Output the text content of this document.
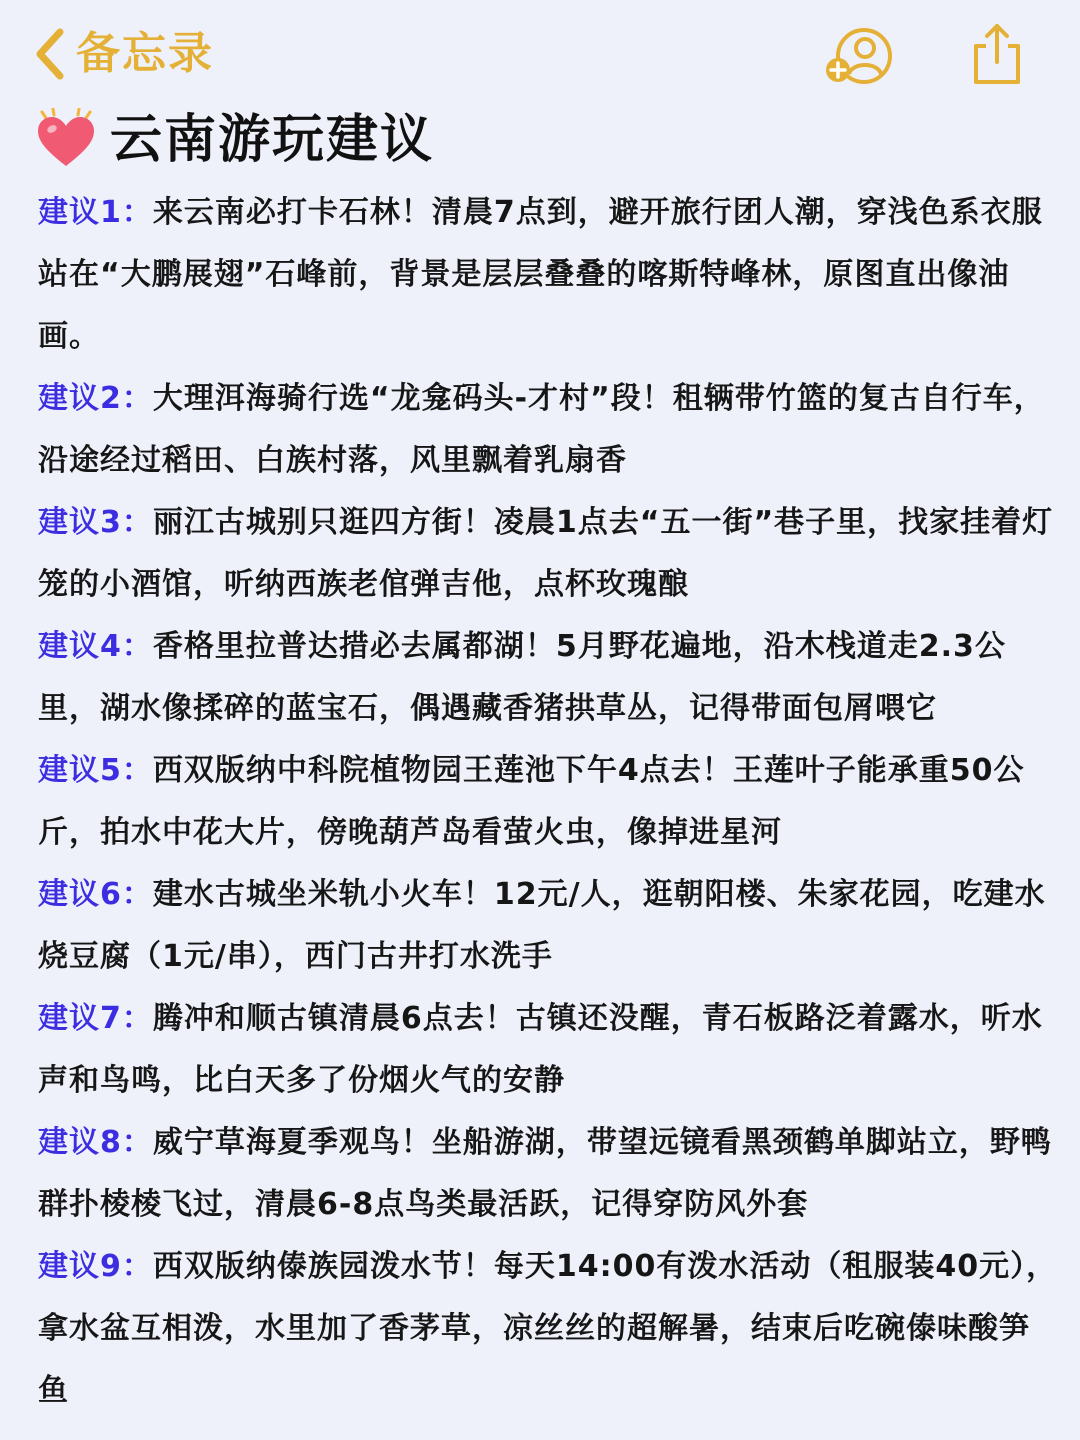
备忘录
云南游玩建议

建议1：来云南必打卡石林！清晨7点到，避开旅行团人潮，穿浅色系衣服站在“大鹏展翅”石峰前，背景是层层叠叠的喀斯特峰林，原图直出像油画。

建议2：大理洱海骑行选“龙龛码头-才村”段！租辆带竹篮的复古自行车，沿途经过稻田、白族村落，风里飘着乳扇香

建议3：丽江古城别只逛四方街！凌晨1点去“五一街”巷子里，找家挂着灯笼的小酒馆，听纳西族老倌弹吉他，点杯玫瑰酿

建议4：香格里拉普达措必去属都湖！5月野花遍地，沿木栈道走2.3公里，湖水像揉碎的蓝宝石，偶遇藏香猪拱草丛，记得带面包屑喂它

建议5：西双版纳中科院植物园王莲池下午4点去！王莲叶子能承重50公斤，拍水中花大片，傍晚葫芦岛看萤火虫，像掉进星河

建议6：建水古城坐米轨小火车！12元/人，逛朝阳楼、朱家花园，吃建水烧豆腐（1元/串），西门古井打水洗手

建议7：腾冲和顺古镇清晨6点去！古镇还没醒，青石板路泛着露水，听水声和鸟鸣，比白天多了份烟火气的安静

建议8：威宁草海夏季观鸟！坐船游湖，带望远镜看黑颈鹤单脚站立，野鸭群扑棱棱飞过，清晨6-8点鸟类最活跃，记得穿防风外套

建议9：西双版纳傣族园泼水节！每天14:00有泼水活动（租服装40元），拿水盆互相泼，水里加了香茅草，凉丝丝的超解暑，结束后吃碗傣味酸笋鱼
